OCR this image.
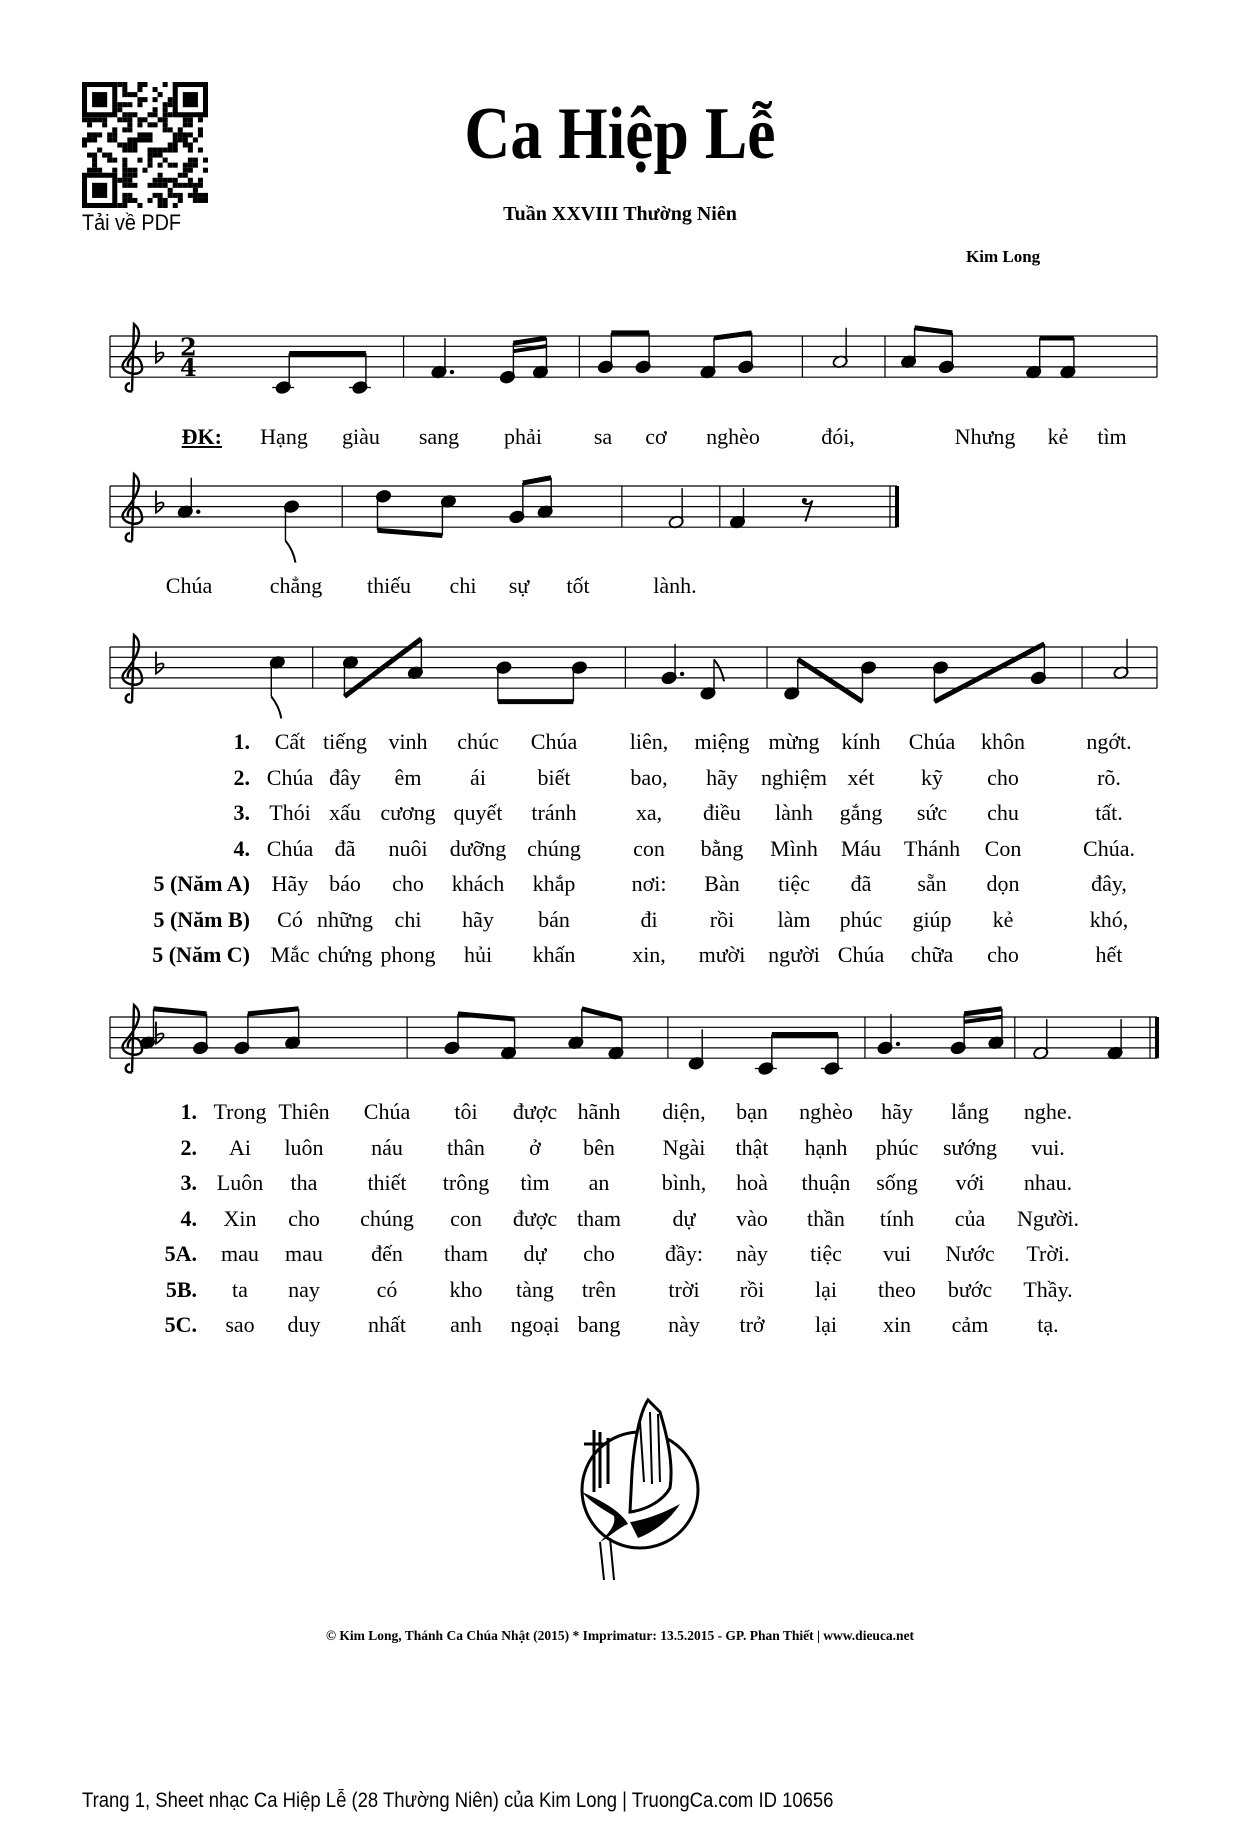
Tải về PDF
Ca Hiệp Lễ
Tuần XXVIII Thường Niên
Kim Long
2
4
ĐK: Hạng giàu sang phải sa cơ nghèo	đói,	Nhưng kẻ tìm
Chúa	chẳng thiếu chi sự tốt	lành.
1. Cất tiếng vinh chúc Chúa liên, miệng mừng kính Chúa khôn	ngớt.
2. Chúa đây êm ái biết	bao, hãy nghiệm xét kỹ cho	rõ.
3. Thói xấu cương quyết tránh	xa, điều lành gắng sức chu	tất.
4. Chúa đã nuôi dưỡng chúng con bằng Mình Máu Thánh Con	Chúa.
5 (Năm A) Hãy báo cho khách khắp	nơi: Bàn tiệc đã sẵn dọn	đây,
5 (Năm B) Có những chi hãy bán	đi rồi làm phúc giúp kẻ	khó,
5 (Năm C) Mắc chứng phong hủi khấn	xin, mười người Chúa chữa cho	hết
1. Trong Thiên Chúa tôi được hãnh diện, bạn nghèo hãy lắng nghe.
2. Ai luôn náu thân ở bên Ngài thật hạnh phúc sướng vui.
3. Luôn tha thiết trông tìm an bình, hoà thuận sống với nhau.
4. Xin cho chúng con được tham dự vào thần tính của Người.
5A. mau mau đến tham dự cho đầy: này tiệc vui Nước Trời.
5B. ta nay	có kho tàng trên trời rồi lại theo bước Thầy.
5C. sao duy nhất anh ngoại bang này trở lại xin cảm tạ.
© Kim Long, Thánh Ca Chúa Nhật (2015) * Imprimatur: 13.5.2015 - GP. Phan Thiết | www.dieuca.net
Trang 1, Sheet nhạc Ca Hiệp Lễ (28 Thường Niên) của Kim Long | TruongCa.com ID 10656
